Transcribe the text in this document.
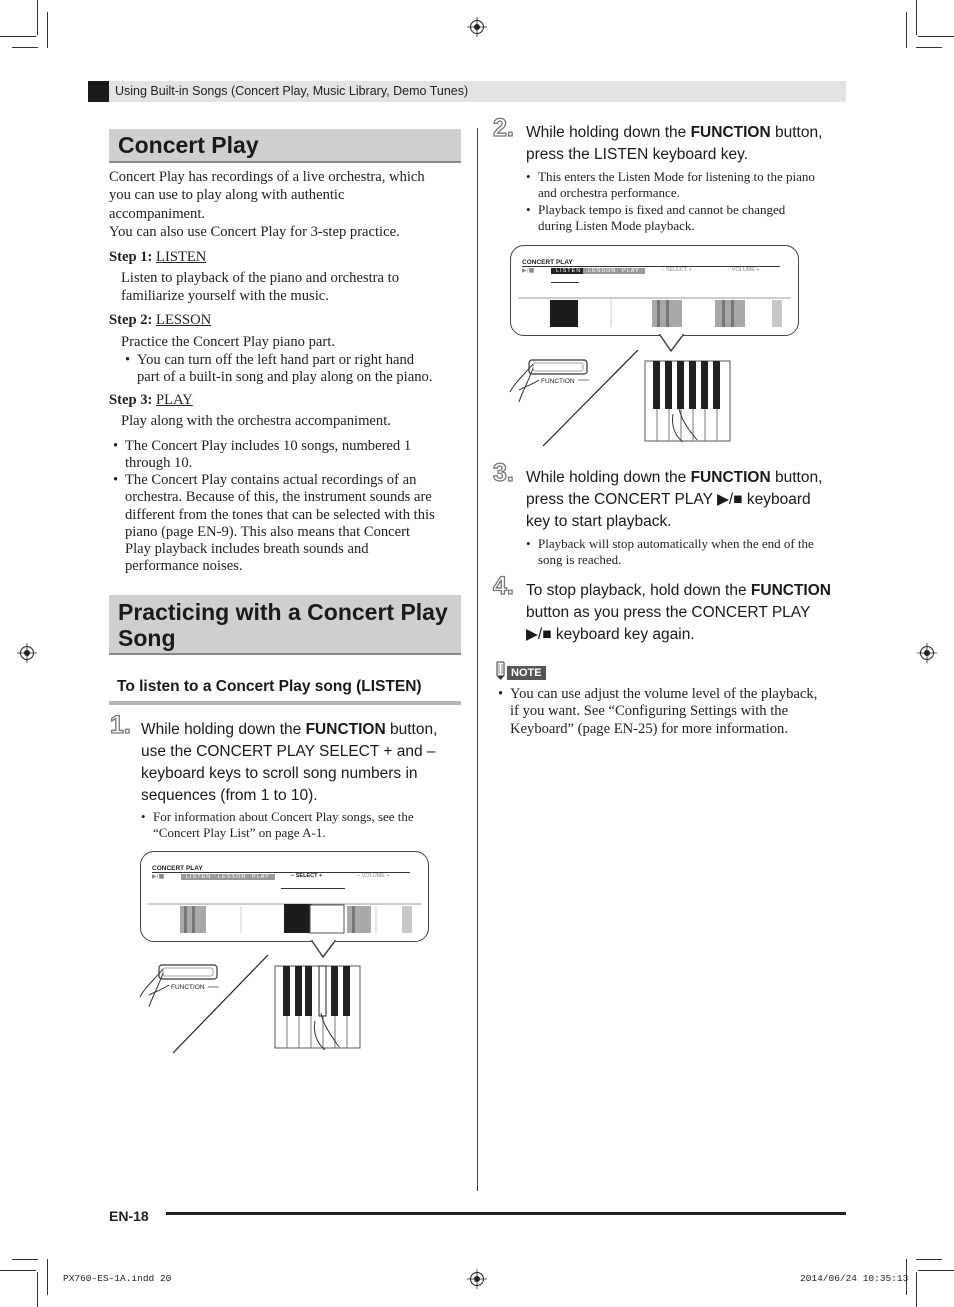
Using Built-in Songs (Concert Play, Music Library, Demo Tunes)
Concert Play
Concert Play has recordings of a live orchestra, which
you can use to play along with authentic
accompaniment.
You can also use Concert Play for 3-step practice.
Step 1: LISTEN
Listen to playback of the piano and orchestra to
familiarize yourself with the music.
Step 2: LESSON
Practice the Concert Play piano part.
• You can turn off the left hand part or right hand
part of a built-in song and play along on the piano.
Step 3: PLAY
Play along with the orchestra accompaniment.
• The Concert Play includes 10 songs, numbered 1
through 10.
• The Concert Play contains actual recordings of an
orchestra. Because of this, the instrument sounds are
different from the tones that can be selected with this
piano (page EN-9). This also means that Concert
Play playback includes breath sounds and
performance noises.
Practicing with a Concert Play
Song
To listen to a Concert Play song (LISTEN)
1. While holding down the FUNCTION button,
use the CONCERT PLAY SELECT + and –
keyboard keys to scroll song numbers in
sequences (from 1 to 10).
• For information about Concert Play songs, see the
“Concert Play List” on page A-1.
CONCERT PLAY
▶/■	LISTEN	LESSON	PLAY	− SELECT +	− VOLUME +
FUNCTION
2. While holding down the FUNCTION button,
press the LISTEN keyboard key.
• This enters the Listen Mode for listening to the piano
and orchestra performance.
• Playback tempo is fixed and cannot be changed
during Listen Mode playback.
CONCERT PLAY
▶/■	LISTEN	LESSON	PLAY	− SELECT +	− VOLUME +
FUNCTION
3. While holding down the FUNCTION button,
press the CONCERT PLAY ▶/■ keyboard
key to start playback.
• Playback will stop automatically when the end of the
song is reached.
4. To stop playback, hold down the FUNCTION
button as you press the CONCERT PLAY
▶/■ keyboard key again.
NOTE
• You can use adjust the volume level of the playback,
if you want. See “Configuring Settings with the
Keyboard” (page EN-25) for more information.
EN-18
PX760-ES-1A.indd 20	2014/06/24 10:35:13
